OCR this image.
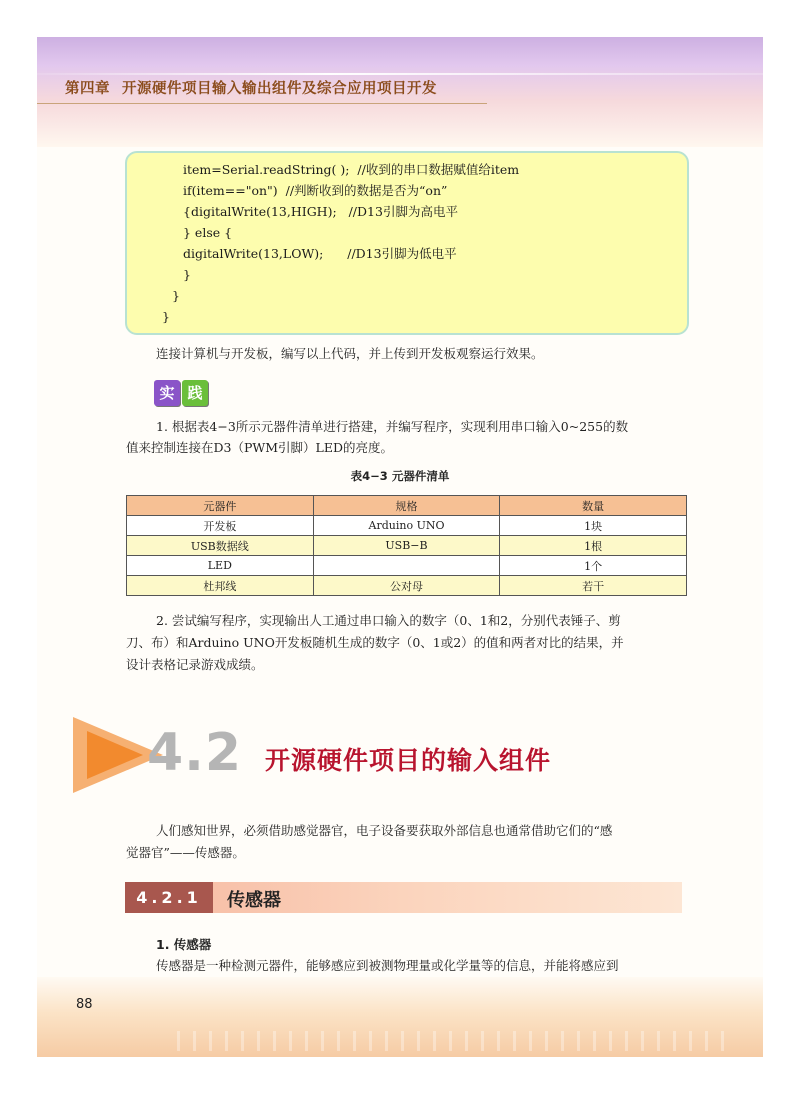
第四章 开源硬件项目输入输出组件及综合应用项目开发
item=Serial.readString( );  //收到的串口数据赋值给item
if(item=="on")  //判断收到的数据是否为“on”
{digitalWrite(13,HIGH);   //D13引脚为高电平
} else {
digitalWrite(13,LOW);      //D13引脚为低电平
}
}
}
连接计算机与开发板，编写以上代码，并上传到开发板观察运行效果。
实 践
1. 根据表4−3所示元器件清单进行搭建，并编写程序，实现利用串口输入0~255的数
值来控制连接在D3（PWM引脚）LED的亮度。
表4−3 元器件清单
元器件	规格	数量
开发板	Arduino UNO	1块
USB数据线	USB−B	1根
LED		1个
杜邦线	公对母	若干
2. 尝试编写程序，实现输出人工通过串口输入的数字（0、1和2，分别代表锤子、剪
刀、布）和Arduino UNO开发板随机生成的数字（0、1或2）的值和两者对比的结果，并
设计表格记录游戏成绩。
4.2 开源硬件项目的输入组件
人们感知世界，必须借助感觉器官，电子设备要获取外部信息也通常借助它们的“感
觉器官”——传感器。
4.2.1	传感器
1. 传感器
传感器是一种检测元器件，能够感应到被测物理量或化学量等的信息，并能将感应到
88
